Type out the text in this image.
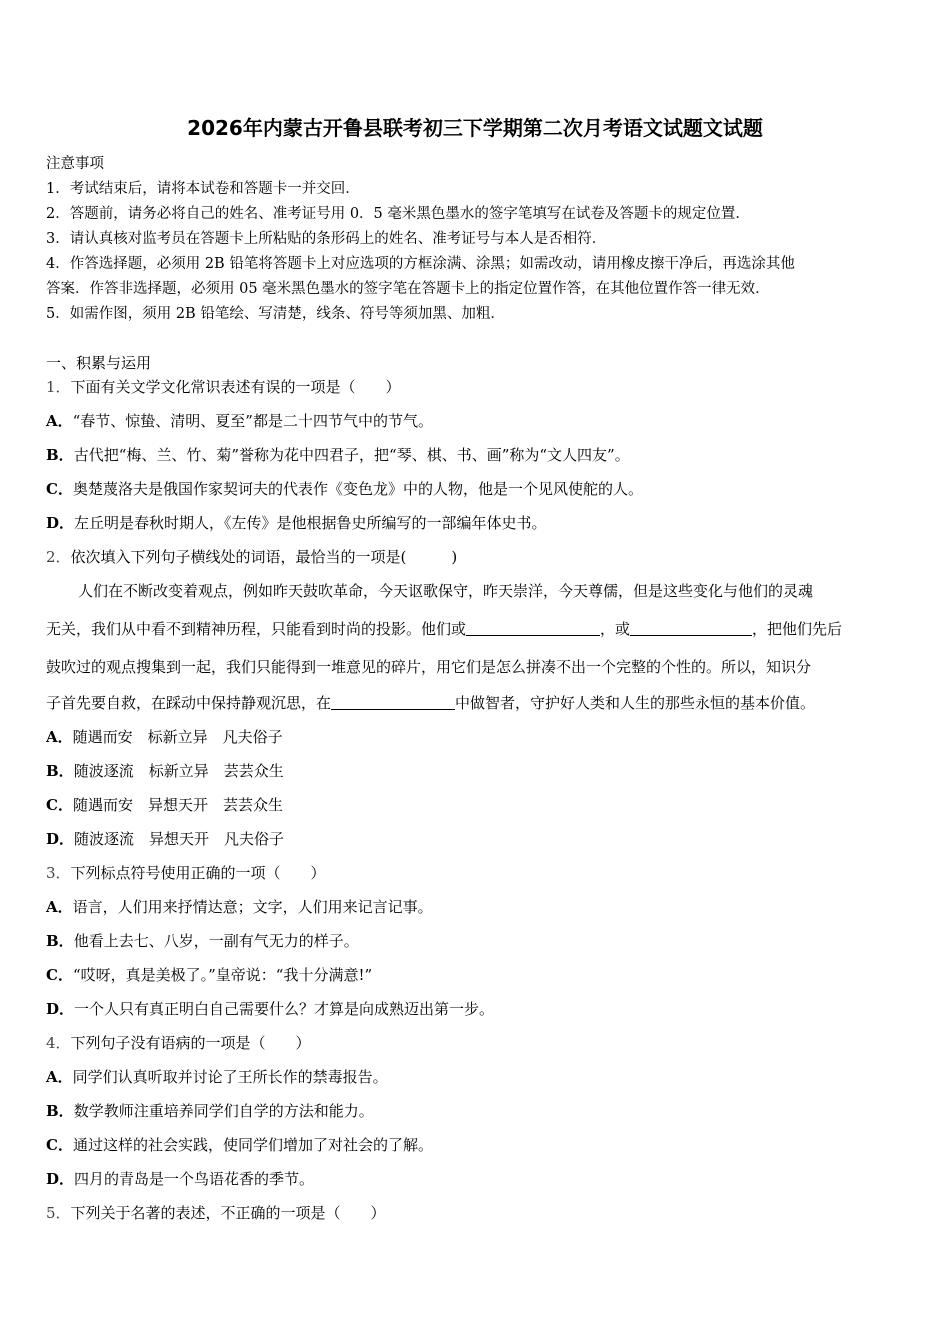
2026年内蒙古开鲁县联考初三下学期第二次月考语文试题文试题
注意事项
1．考试结束后，请将本试卷和答题卡一并交回．
2．答题前，请务必将自己的姓名、准考证号用 0．5 毫米黑色墨水的签字笔填写在试卷及答题卡的规定位置．
3．请认真核对监考员在答题卡上所粘贴的条形码上的姓名、准考证号与本人是否相符．
4．作答选择题，必须用 2B 铅笔将答题卡上对应选项的方框涂满、涂黑；如需改动，请用橡皮擦干净后，再选涂其他
答案．作答非选择题，必须用 05 毫米黑色墨水的签字笔在答题卡上的指定位置作答，在其他位置作答一律无效．
5．如需作图，须用 2B 铅笔绘、写清楚，线条、符号等须加黑、加粗．
一、积累与运用
1．下面有关文学文化常识表述有误的一项是（　　）
A．“春节、惊蛰、清明、夏至”都是二十四节气中的节气。
B．古代把“梅、兰、竹、菊”誉称为花中四君子，把“琴、棋、书、画”称为“文人四友”。
C．奥楚蔑洛夫是俄国作家契诃夫的代表作《变色龙》中的人物，他是一个见风使舵的人。
D．左丘明是春秋时期人，《左传》是他根据鲁史所编写的一部编年体史书。
2．依次填入下列句子横线处的词语，最恰当的一项是(　　　)
人们在不断改变着观点，例如昨天鼓吹革命，今天讴歌保守，昨天崇洋，今天尊儒，但是这些变化与他们的灵魂
无关，我们从中看不到精神历程，只能看到时尚的投影。他们或	，或	，把他们先后
鼓吹过的观点搜集到一起，我们只能得到一堆意见的碎片，用它们是怎么拼凑不出一个完整的个性的。所以，知识分
子首先要自救，在踩动中保持静观沉思，在	中做智者，守护好人类和人生的那些永恒的基本价值。
A．随遇而安　标新立异　凡夫俗子
B．随波逐流　标新立异　芸芸众生
C．随遇而安　异想天开　芸芸众生
D．随波逐流　异想天开　凡夫俗子
3．下列标点符号使用正确的一项（　　）
A．语言，人们用来抒情达意；文字，人们用来记言记事。
B．他看上去七、八岁，一副有气无力的样子。
C．“哎呀，真是美极了。”皇帝说：“我十分满意!”
D．一个人只有真正明白自己需要什么？才算是向成熟迈出第一步。
4．下列句子没有语病的一项是（　　）
A．同学们认真听取并讨论了王所长作的禁毒报告。
B．数学教师注重培养同学们自学的方法和能力。
C．通过这样的社会实践，使同学们增加了对社会的了解。
D．四月的青岛是一个鸟语花香的季节。
5．下列关于名著的表述，不正确的一项是（　　）
